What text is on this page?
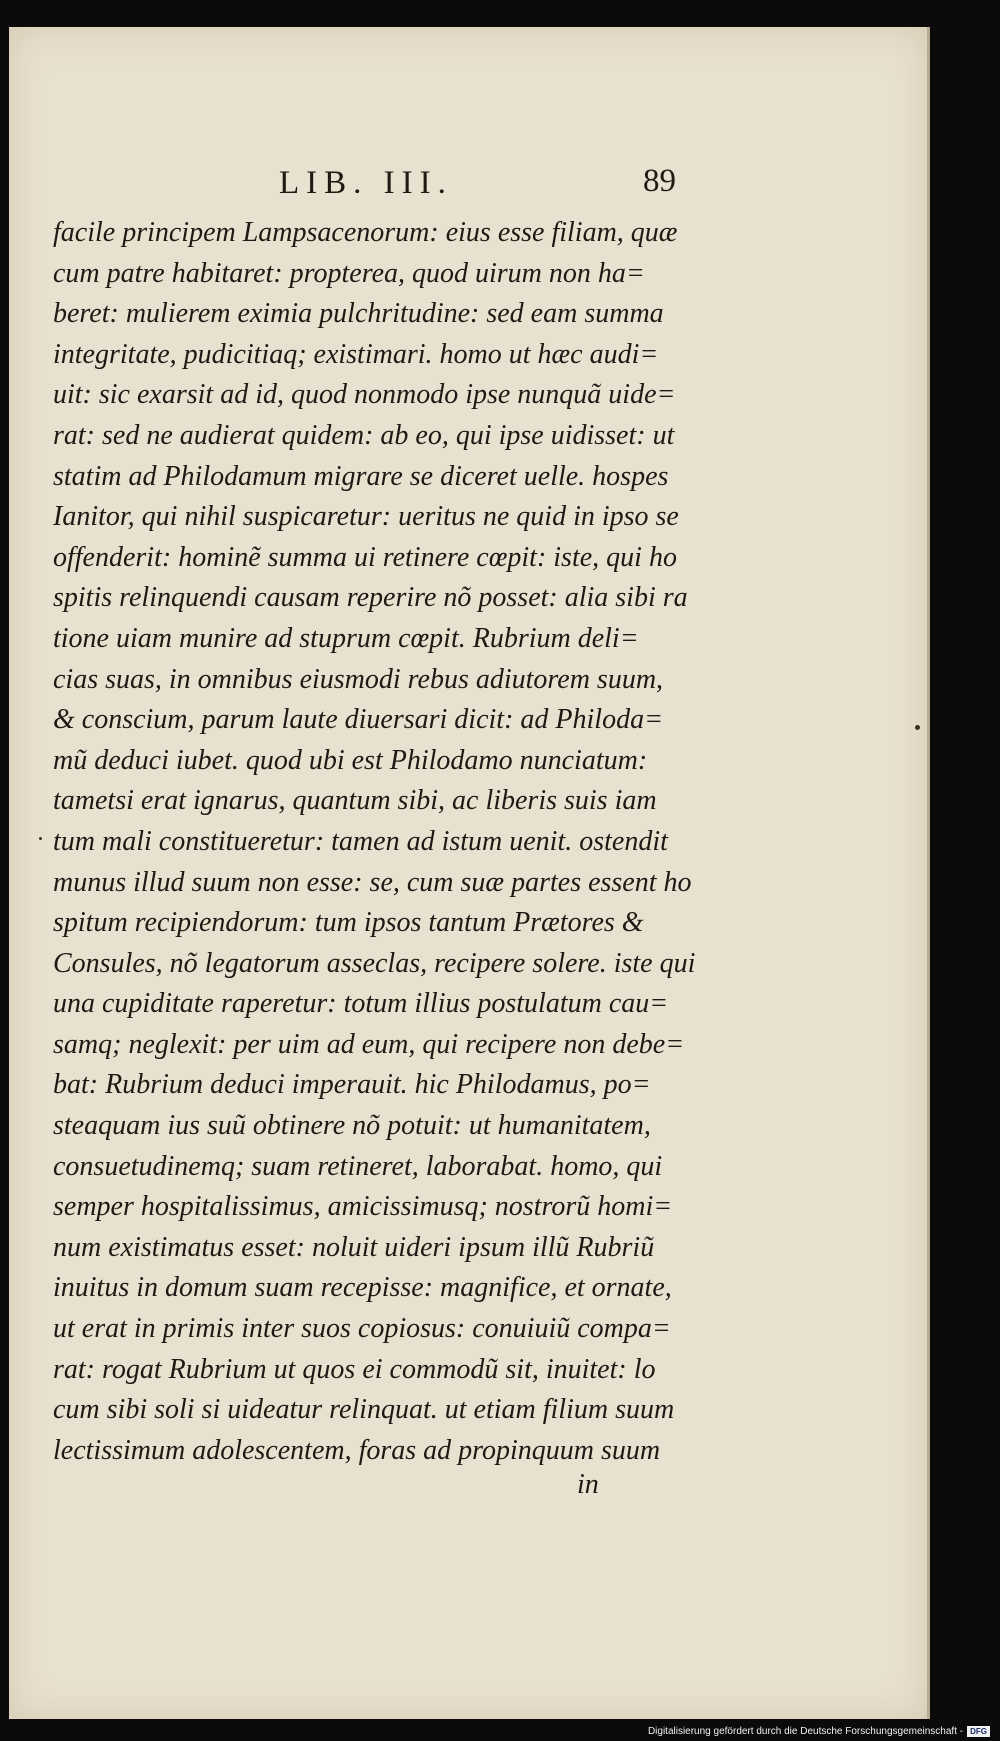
LIB. III.	89
facile principem Lampsacenorum: eius esse filiam, quæ
cum patre habitaret: propterea, quod uirum non ha=
beret: mulierem eximia pulchritudine: sed eam summa
integritate, pudicitiaq; existimari. homo ut hæc audi=
uit: sic exarsit ad id, quod nonmodo ipse nunquã uide=
rat: sed ne audierat quidem: ab eo, qui ipse uidisset: ut
statim ad Philodamum migrare se diceret uelle. hospes
Ianitor, qui nihil suspicaretur: ueritus ne quid in ipso se
offenderit: hominẽ summa ui retinere cœpit: iste, qui ho
spitis relinquendi causam reperire nõ posset: alia sibi ra
tione uiam munire ad stuprum cœpit. Rubrium deli=
cias suas, in omnibus eiusmodi rebus adiutorem suum,
& conscium, parum laute diuersari dicit: ad Philoda=
mũ deduci iubet. quod ubi est Philodamo nunciatum:
tametsi erat ignarus, quantum sibi, ac liberis suis iam
tum mali constitueretur: tamen ad istum uenit. ostendit
munus illud suum non esse: se, cum suæ partes essent ho
spitum recipiendorum: tum ipsos tantum Prætores &
Consules, nõ legatorum asseclas, recipere solere. iste qui
una cupiditate raperetur: totum illius postulatum cau=
samq; neglexit: per uim ad eum, qui recipere non debe=
bat: Rubrium deduci imperauit. hic Philodamus, po=
steaquam ius suũ obtinere nõ potuit: ut humanitatem,
consuetudinemq; suam retineret, laborabat. homo, qui
semper hospitalissimus, amicissimusq; nostrorũ homi=
num existimatus esset: noluit uideri ipsum illũ Rubriũ
inuitus in domum suam recepisse: magnifice, et ornate,
ut erat in primis inter suos copiosus: conuiuiũ compa=
rat: rogat Rubrium ut quos ei commodũ sit, inuitet: lo
cum sibi soli si uideatur relinquat. ut etiam filium suum
lectissimum adolescentem, foras ad propinquum suum
in
Digitalisierung gefördert durch die Deutsche Forschungsgemeinschaft - DFG
